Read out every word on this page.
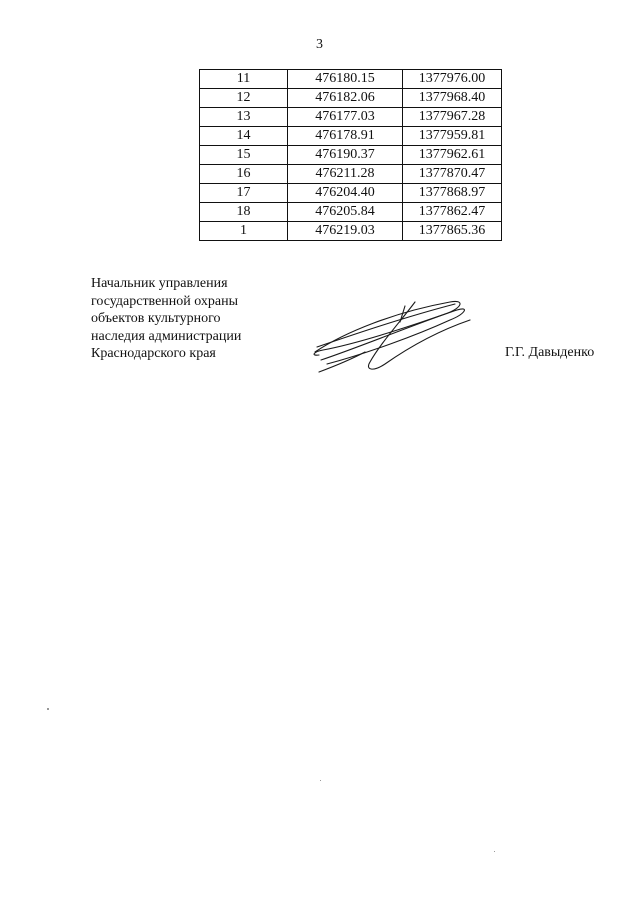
3
11	476180.15	1377976.00
12	476182.06	1377968.40
13	476177.03	1377967.28
14	476178.91	1377959.81
15	476190.37	1377962.61
16	476211.28	1377870.47
17	476204.40	1377868.97
18	476205.84	1377862.47
1	476219.03	1377865.36
Начальник управления
государственной охраны
объектов культурного
наследия администрации
Краснодарского края	Г.Г. Давыденко
